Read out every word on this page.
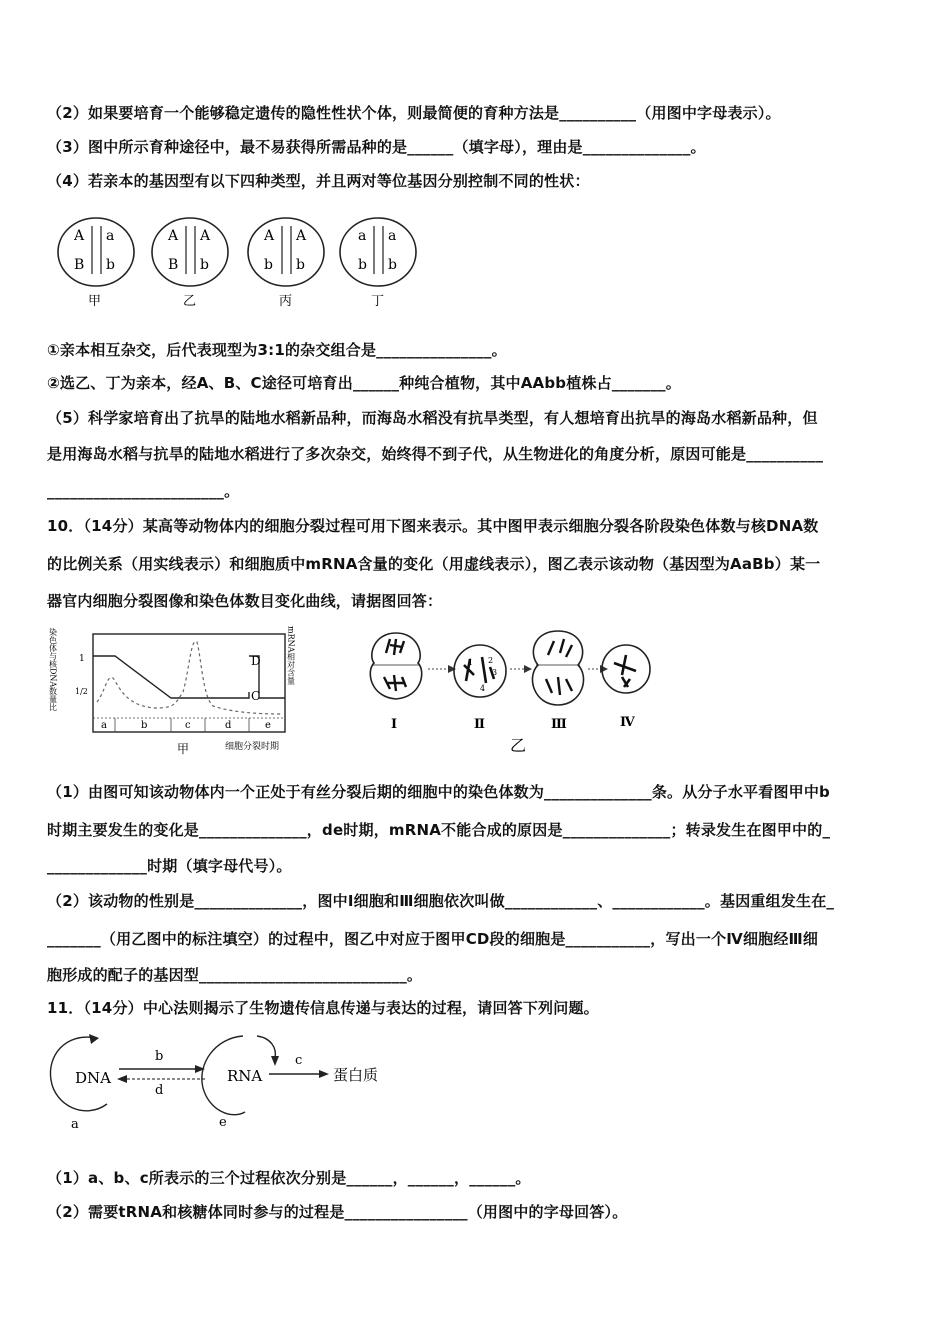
（2）如果要培育一个能够稳定遗传的隐性性状个体，则最简便的育种方法是__________（用图中字母表示）。
（3）图中所示育种途径中，最不易获得所需品种的是______（填字母），理由是______________。
（4）若亲本的基因型有以下四种类型，并且两对等位基因分别控制不同的性状：
A a
B b
甲
A A
B b
乙
A A
b b
丙
a a
b b
丁
①亲本相互杂交，后代表现型为3:1的杂交组合是_______________。
②选乙、丁为亲本，经A、B、C途径可培育出______种纯合植物，其中AAbb植株占_______。
（5）科学家培育出了抗旱的陆地水稻新品种，而海岛水稻没有抗旱类型，有人想培育出抗旱的海岛水稻新品种，但
是用海岛水稻与抗旱的陆地水稻进行了多次杂交，始终得不到子代，从生物进化的角度分析，原因可能是__________
_______________________。
10．（14分）某高等动物体内的细胞分裂过程可用下图来表示。其中图甲表示细胞分裂各阶段染色体数与核DNA数
的比例关系（用实线表示）和细胞质中mRNA含量的变化（用虚线表示），图乙表示该动物（基因型为AaBb）某一
器官内细胞分裂图像和染色体数目变化曲线，请据图回答：
染色体与核DNA数量比	mRNA相对含量
1
1/2
D
C
a	b	c	d	e
甲	细胞分裂时期
1 2
3
4
Ⅰ	Ⅱ	Ⅲ	Ⅳ
乙
（1）由图可知该动物体内一个正处于有丝分裂后期的细胞中的染色体数为______________条。从分子水平看图甲中b
时期主要发生的变化是______________，de时期，mRNA不能合成的原因是______________；转录发生在图甲中的_
_____________时期（填字母代号）。
（2）该动物的性别是______________，图中Ⅰ细胞和Ⅲ细胞依次叫做____________、____________。基因重组发生在_
_______（用乙图中的标注填空）的过程中，图乙中对应于图甲CD段的细胞是___________，写出一个Ⅳ细胞经Ⅲ细
胞形成的配子的基因型___________________________。
11．（14分）中心法则揭示了生物遗传信息传递与表达的过程，请回答下列问题。
DNA
b
d
RNA
c
蛋白质
a	e
（1）a、b、c所表示的三个过程依次分别是______，______，______。
（2）需要tRNA和核糖体同时参与的过程是________________（用图中的字母回答）。
